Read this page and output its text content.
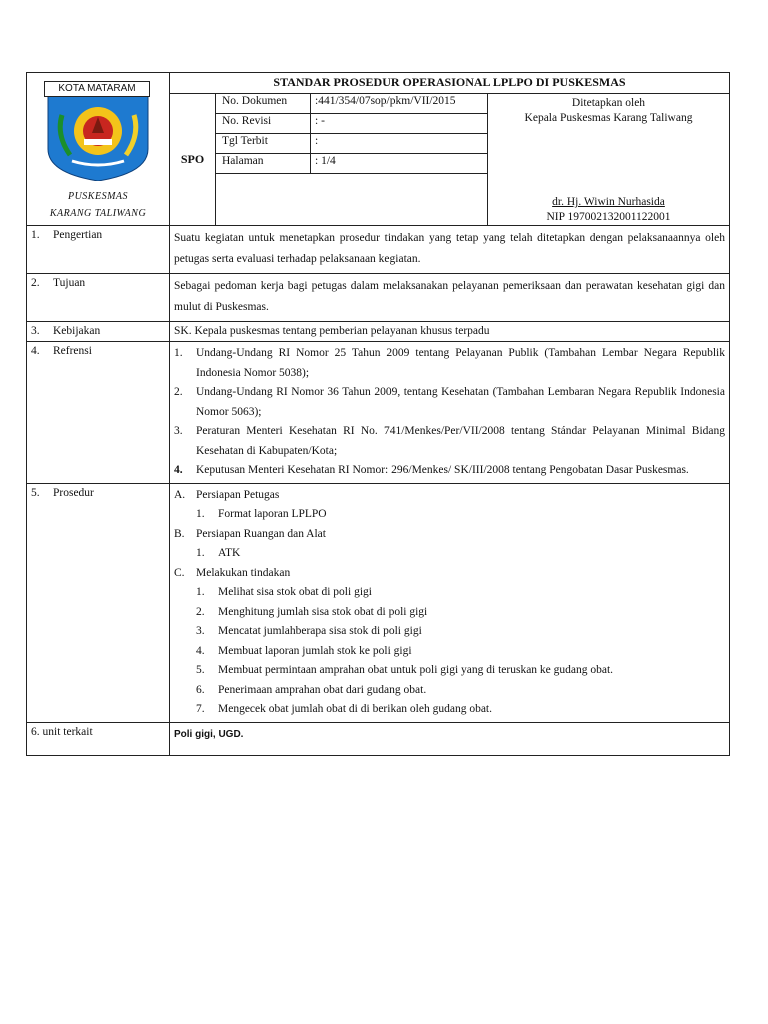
KOTA MATARAM
PUSKESMAS
KARANG TALIWANG
	STANDAR PROSEDUR OPERASIONAL LPLPO DI PUSKESMAS
SPO	
No. Dokumen	:441/354/07sop/pkm/VII/2015
No. Revisi	: -
Tgl Terbit	:
Halaman	: 1/4

Ditetapkan oleh
Kepala Puskesmas Karang Taliwang
dr. Hj. Wiwin Nurhasida
NIP 197002132001122001

1. Pengertian	Suatu kegiatan untuk menetapkan prosedur tindakan yang tetap yang telah ditetapkan dengan pelaksanaannya oleh petugas serta evaluasi terhadap pelaksanaan kegiatan.
2. Tujuan	Sebagai pedoman kerja bagi petugas dalam melaksanakan pelayanan pemeriksaan dan perawatan kesehatan gigi dan mulut di Puskesmas.
3. Kebijakan	SK. Kepala puskesmas tentang pemberian pelayanan khusus terpadu
4. Refrensi	1.	Undang-Undang RI Nomor 25 Tahun 2009 tentang Pelayanan Publik (Tambahan Lembar Negara Republik Indonesia Nomor 5038);
2.	Undang-Undang RI Nomor 36 Tahun 2009, tentang Kesehatan (Tambahan Lembaran Negara Republik Indonesia Nomor 5063);
3.	Peraturan Menteri Kesehatan RI No. 741/Menkes/Per/VII/2008 tentang Stándar Pelayanan Minimal Bidang Kesehatan di Kabupaten/Kota;
4.	Keputusan Menteri Kesehatan RI Nomor: 296/Menkes/ SK/III/2008 tentang Pengobatan Dasar Puskesmas.

5. Prosedur	A. Persiapan Petugas
1.	Format laporan LPLPO
B. Persiapan Ruangan dan Alat
1.	ATK
C. Melakukan tindakan
1.	Melihat sisa stok obat di poli gigi
2.	Menghitung jumlah sisa stok obat di poli gigi
3.	Mencatat jumlahberapa sisa stok di poli gigi
4.	Membuat laporan jumlah stok ke poli gigi
5.	Membuat permintaan amprahan obat untuk poli gigi yang di teruskan ke gudang obat.
6.	Penerimaan amprahan obat dari gudang obat.
7.	Mengecek obat jumlah obat di di berikan oleh gudang obat.

6. unit terkait	Poli gigi, UGD.
